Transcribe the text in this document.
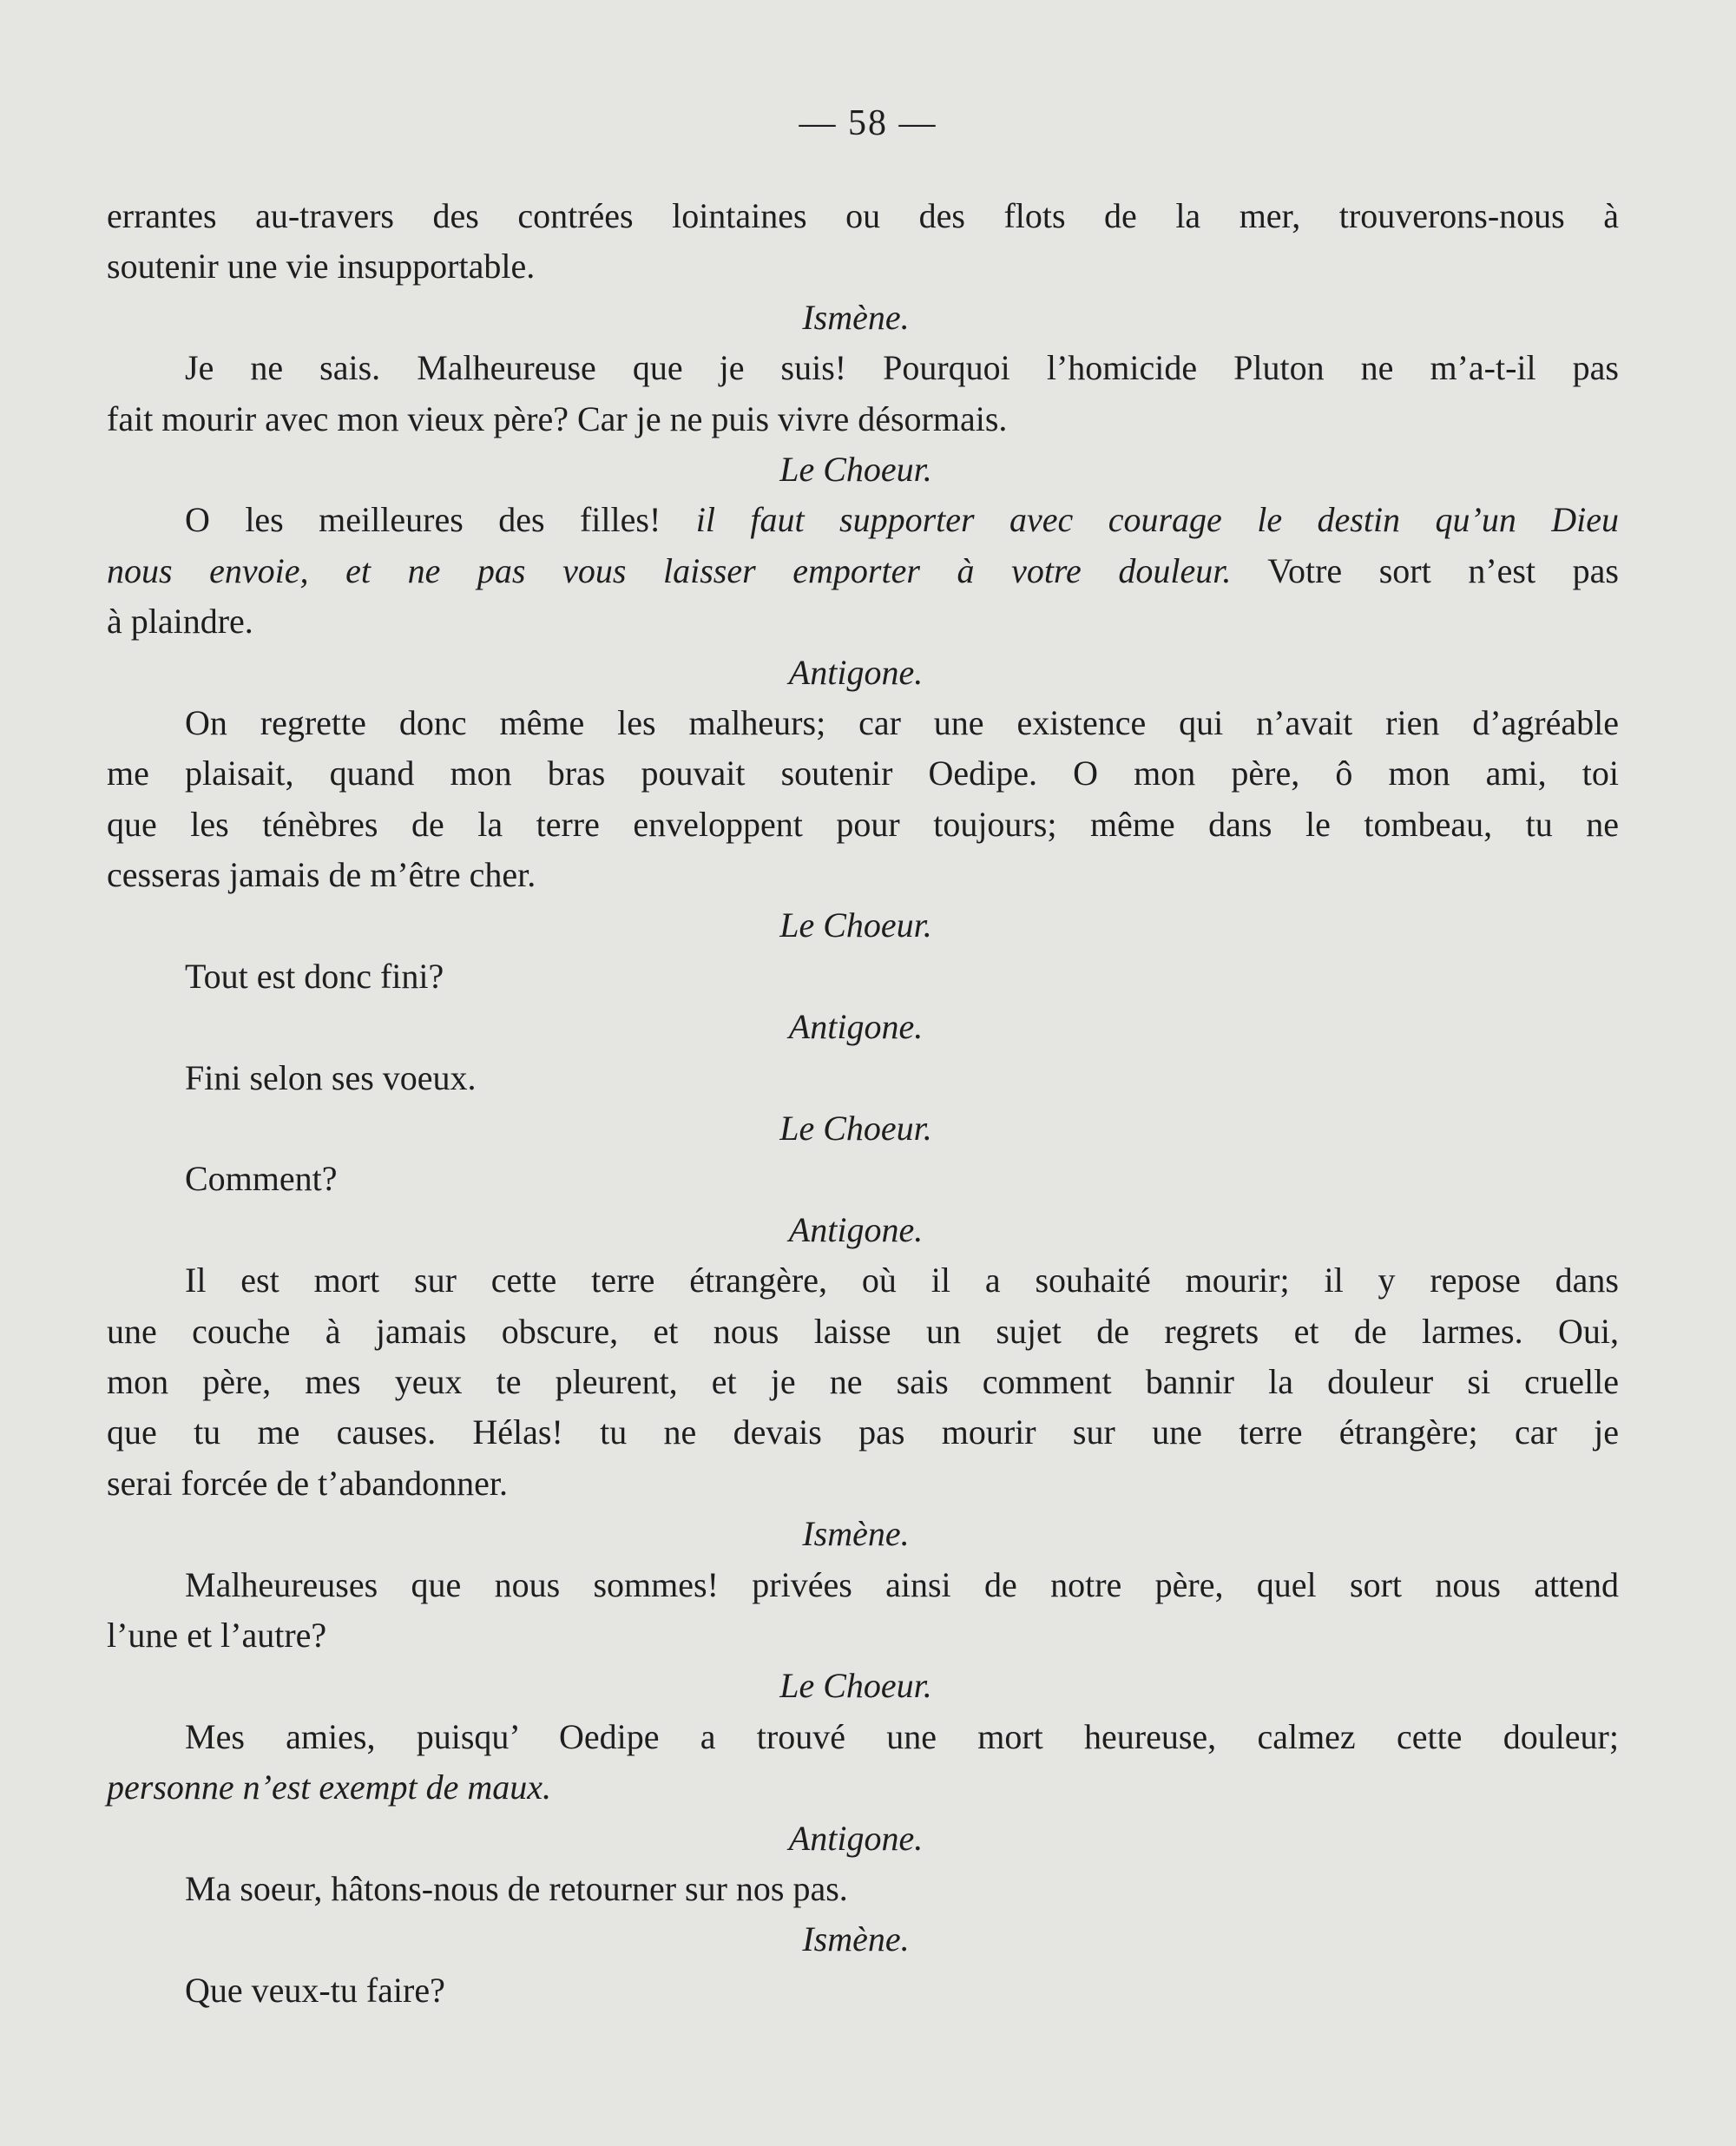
— 58 —
errantes au-travers des contrées lointaines ou des flots de la mer, trouverons-nous à
soutenir une vie insupportable.
Ismène.
Je ne sais. Malheureuse que je suis! Pourquoi l’homicide Pluton ne m’a-t-il pas
fait mourir avec mon vieux père? Car je ne puis vivre désormais.
Le Choeur.
O les meilleures des filles! il faut supporter avec courage le destin qu’un Dieu
nous envoie, et ne pas vous laisser emporter à votre douleur. Votre sort n’est pas
à plaindre.
Antigone.
On regrette donc même les malheurs; car une existence qui n’avait rien d’agréable
me plaisait, quand mon bras pouvait soutenir Oedipe. O mon père, ô mon ami, toi
que les ténèbres de la terre enveloppent pour toujours; même dans le tombeau, tu ne
cesseras jamais de m’être cher.
Le Choeur.
Tout est donc fini?
Antigone.
Fini selon ses voeux.
Le Choeur.
Comment?
Antigone.
Il est mort sur cette terre étrangère, où il a souhaité mourir; il y repose dans
une couche à jamais obscure, et nous laisse un sujet de regrets et de larmes. Oui,
mon père, mes yeux te pleurent, et je ne sais comment bannir la douleur si cruelle
que tu me causes. Hélas! tu ne devais pas mourir sur une terre étrangère; car je
serai forcée de t’abandonner.
Ismène.
Malheureuses que nous sommes! privées ainsi de notre père, quel sort nous attend
l’une et l’autre?
Le Choeur.
Mes amies, puisqu’ Oedipe a trouvé une mort heureuse, calmez cette douleur;
personne n’est exempt de maux.
Antigone.
Ma soeur, hâtons-nous de retourner sur nos pas.
Ismène.
Que veux-tu faire?
